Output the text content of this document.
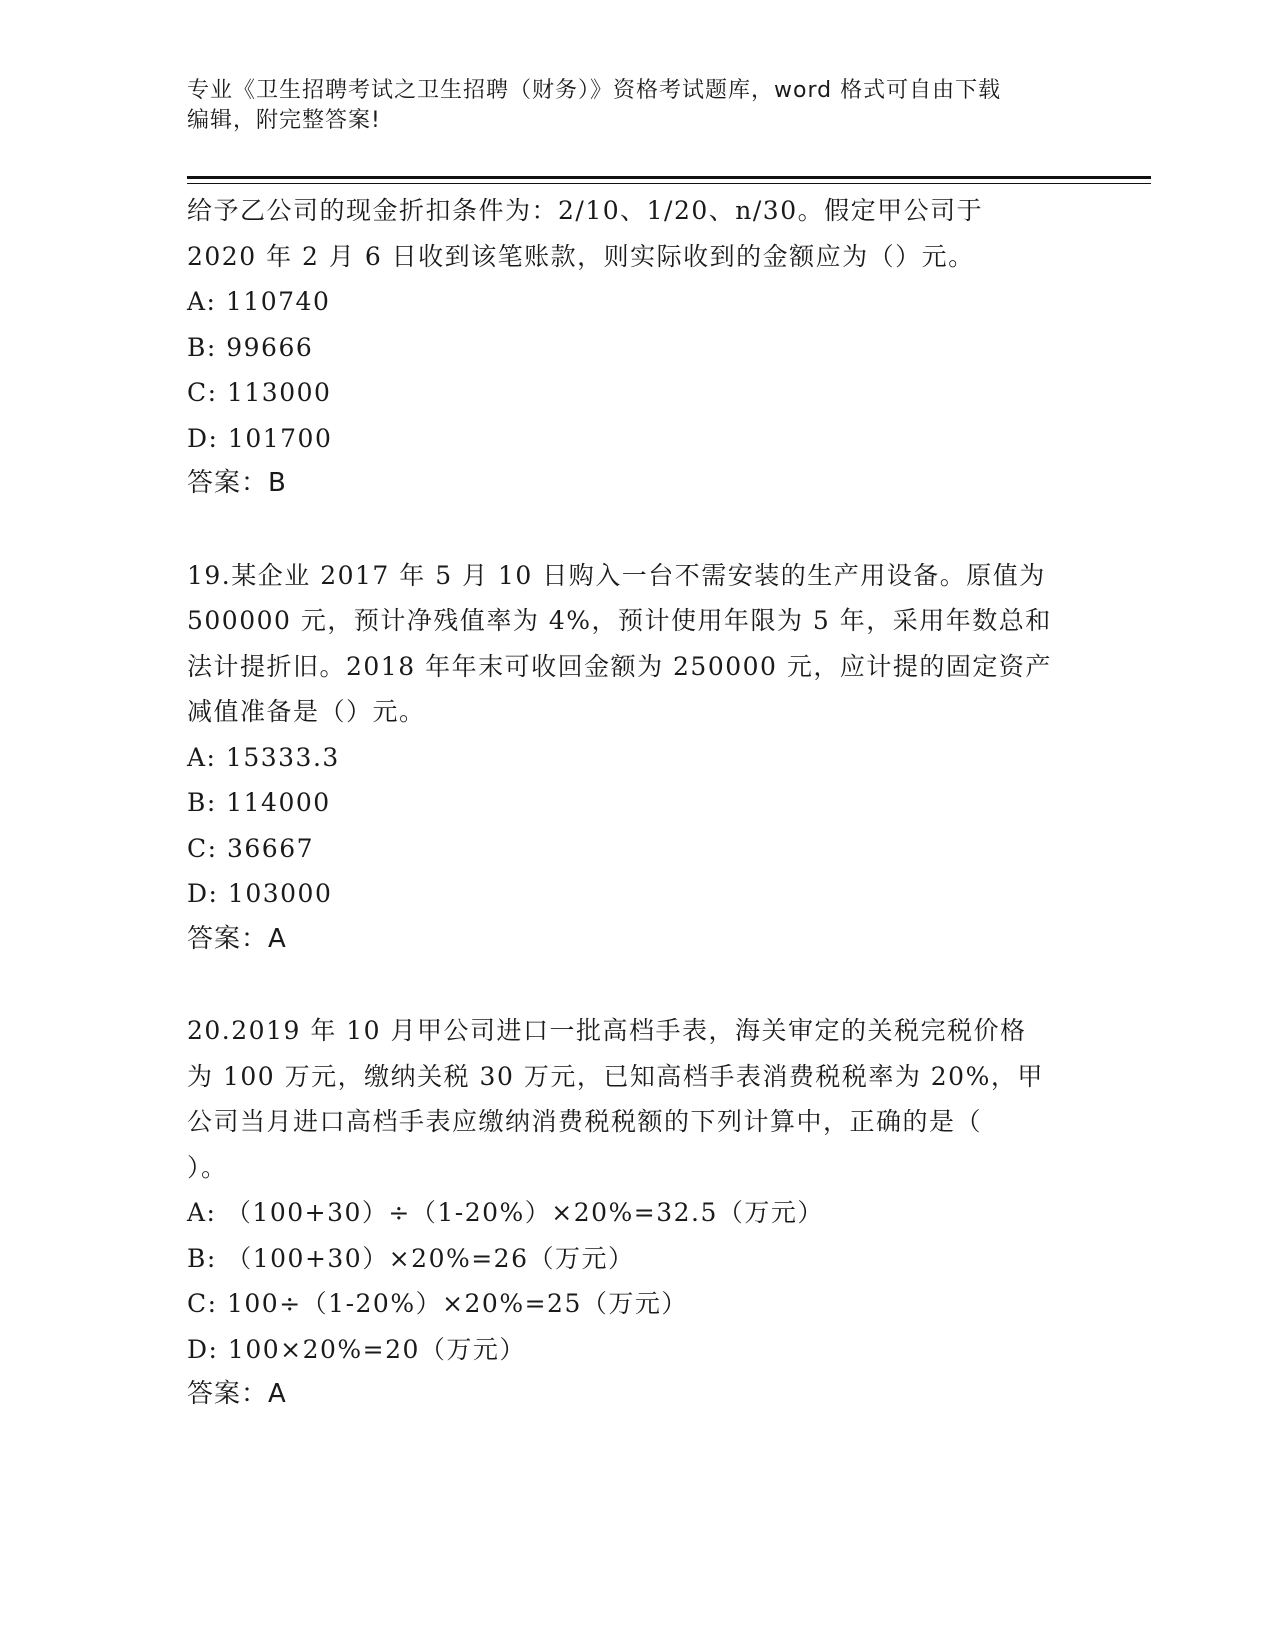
专业《卫生招聘考试之卫生招聘（财务）》资格考试题库，word 格式可自由下载
编辑，附完整答案!
给予乙公司的现金折扣条件为：2/10、1/20、n/30。假定甲公司于
2020 年 2 月 6 日收到该笔账款，则实际收到的金额应为（）元。
A: 110740
B: 99666
C: 113000
D: 101700
答案：B
19.某企业 2017 年 5 月 10 日购入一台不需安装的生产用设备。原值为
500000 元，预计净残值率为 4%，预计使用年限为 5 年，采用年数总和
法计提折旧。2018 年年末可收回金额为 250000 元，应计提的固定资产
减值准备是（）元。
A: 15333.3
B: 114000
C: 36667
D: 103000
答案：A
20.2019 年 10 月甲公司进口一批高档手表，海关审定的关税完税价格
为 100 万元，缴纳关税 30 万元，已知高档手表消费税税率为 20%，甲
公司当月进口高档手表应缴纳消费税税额的下列计算中，正确的是（
）。
A: （100+30）÷（1-20%）×20%=32.5（万元）
B: （100+30）×20%=26（万元）
C: 100÷（1-20%）×20%=25（万元）
D: 100×20%=20（万元）
答案：A
